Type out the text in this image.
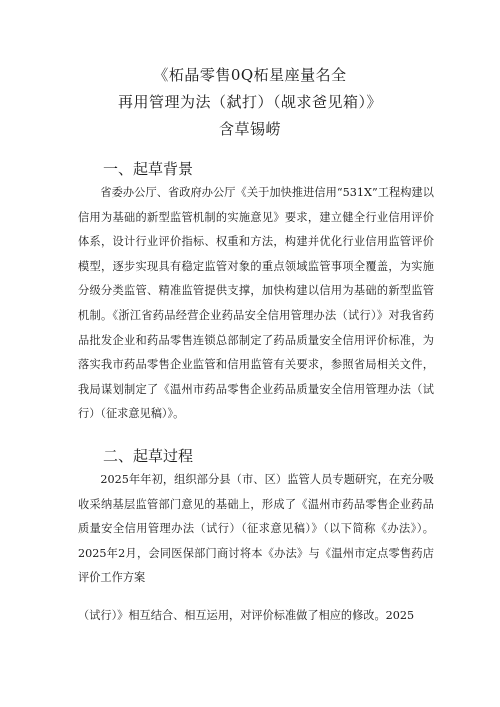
《柘晶零售0Q柘星座量名全
再用管理为法（弑打）（觇求爸见箱）》
含草锡崂
一、起草背景
省委办公厅、省政府办公厅《关于加快推进信用“531X”工程构建以信用为基础的新型监管机制的实施意见》要求，建立健全行业信用评价体系，设计行业评价指标、权重和方法，构建并优化行业信用监管评价模型，逐步实现具有稳定监管对象的重点领域监管事项全覆盖，为实施分级分类监管、精准监管提供支撑，加快构建以信用为基础的新型监管机制。《浙江省药品经营企业药品安全信用管理办法（试行）》对我省药品批发企业和药品零售连锁总部制定了药品质量安全信用评价标准，为落实我市药品零售企业监管和信用监管有关要求，参照省局相关文件，我局谋划制定了《温州市药品零售企业药品质量安全信用管理办法（试行）（征求意见稿）》。
二、起草过程
2025年年初，组织部分县（市、区）监管人员专题研究，在充分吸收采纳基层监管部门意见的基础上，形成了《温州市药品零售企业药品质量安全信用管理办法（试行）（征求意见稿）》（以下简称《办法》）。2025年2月，会同医保部门商讨将本《办法》与《温州市定点零售药店评价工作方案
（试行）》相互结合、相互运用，对评价标准做了相应的修改。2025
